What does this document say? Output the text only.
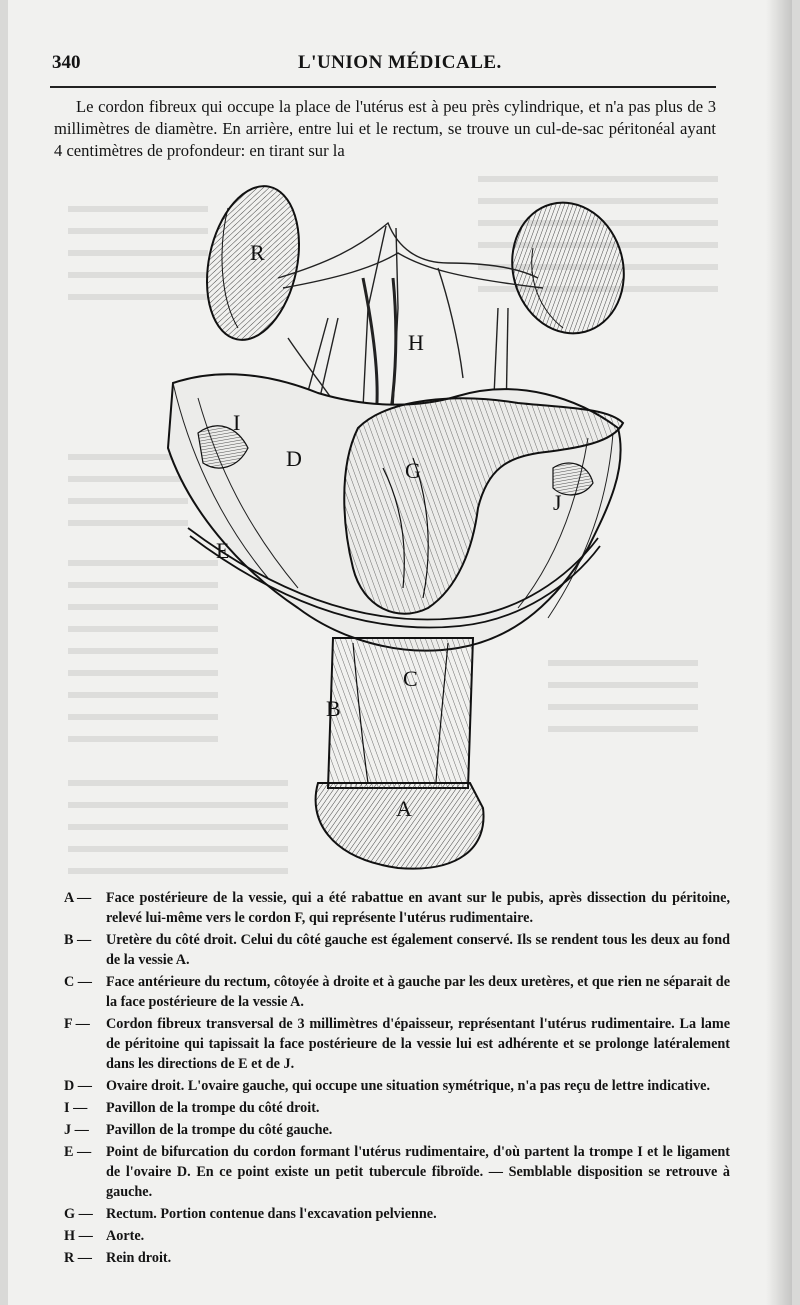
340	L'UNION MÉDICALE.
Le cordon fibreux qui occupe la place de l'utérus est à peu près cylindrique, et n'a pas plus de 3 millimètres de diamètre. En arrière, entre lui et le rectum, se trouve un cul-de-sac péritonéal ayant 4 centimètres de profondeur: en tirant sur la
R
H
I
D	G
J
E
C
B
A
A —	Face postérieure de la vessie, qui a été rabattue en avant sur le pubis, après dissection du péritoine, relevé lui-même vers le cordon F, qui représente l'utérus rudimentaire.
B —	Uretère du côté droit. Celui du côté gauche est également conservé. Ils se rendent tous les deux au fond de la vessie A.
C — Face antérieure du rectum, côtoyée à droite et à gauche par les deux uretères, et que rien ne séparait de la face postérieure de la vessie A.
F —	Cordon fibreux transversal de 3 millimètres d'épaisseur, représentant l'utérus rudimentaire. La lame de péritoine qui tapissait la face postérieure de la vessie lui est adhérente et se prolonge latéralement dans les directions de E et de J.
D — Ovaire droit. L'ovaire gauche, qui occupe une situation symétrique, n'a pas reçu de lettre indicative.
I —	Pavillon de la trompe du côté droit.
J —	Pavillon de la trompe du côté gauche.
E —	Point de bifurcation du cordon formant l'utérus rudimentaire, d'où partent la trompe I et le ligament de l'ovaire D. En ce point existe un petit tubercule fibroïde. — Semblable disposition se retrouve à gauche.
G — Rectum. Portion contenue dans l'excavation pelvienne.
H — Aorte.
R — Rein droit.
